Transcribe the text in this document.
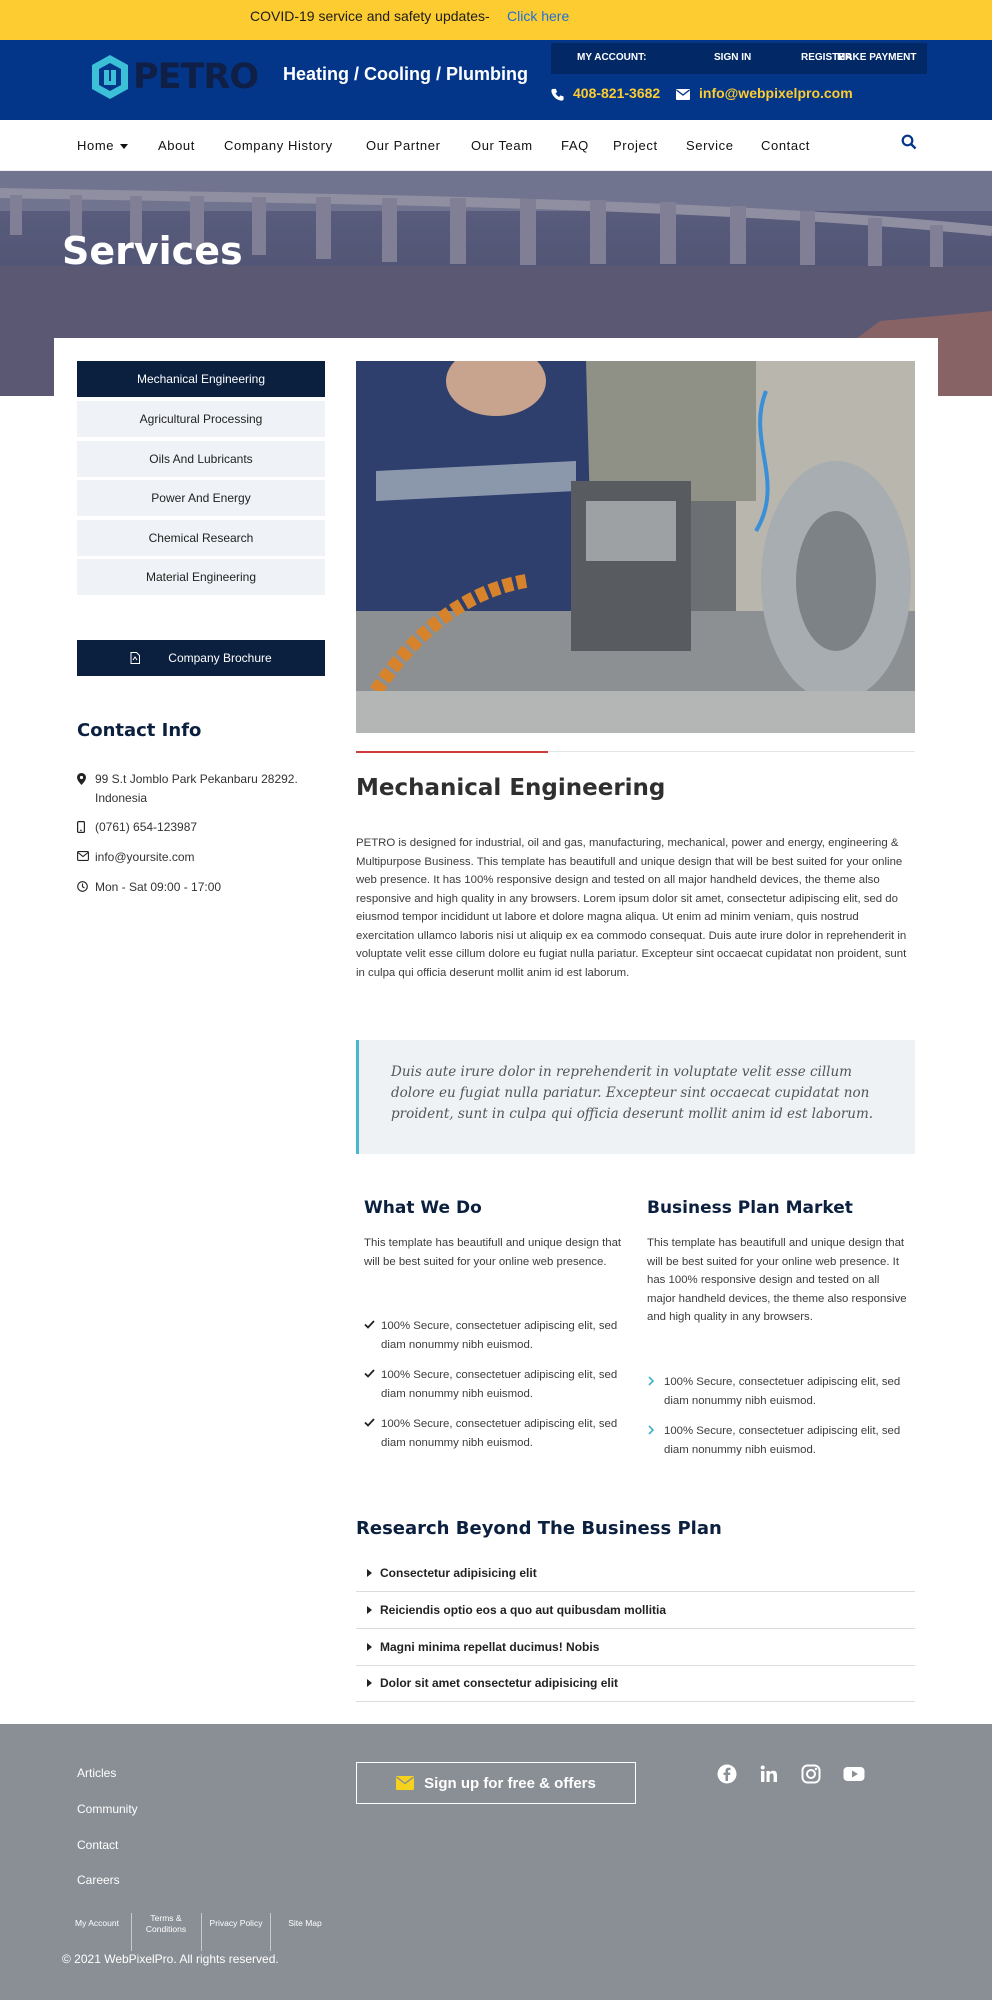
COVID-19 service and safety updates- Click here
PETRO Heating / Cooling / Plumbing
MY ACCOUNT:	SIGN IN	REGISTER
MAKE PAYMENT
408-821-3682	info@webpixelpro.com
Home	About Company History	Our Partner Our Team FAQ Project Service Contact
Services
Mechanical Engineering
Agricultural Processing
Oils And Lubricants
Power And Energy
Chemical Research
Material Engineering
Company Brochure
Contact Info
99 S.t Jomblo Park Pekanbaru 28292. Indonesia
(0761) 654-123987
info@yoursite.com
Mon - Sat 09:00 - 17:00
Mechanical Engineering

PETRO is designed for industrial, oil and gas, manufacturing, mechanical, power and energy, engineering & Multipurpose Business. This template has beautifull and unique design that will be best suited for your online web presence. It has 100% responsive design and tested on all major handheld devices, the theme also responsive and high quality in any browsers. Lorem ipsum dolor sit amet, consectetur adipiscing elit, sed do eiusmod tempor incididunt ut labore et dolore magna aliqua. Ut enim ad minim veniam, quis nostrud exercitation ullamco laboris nisi ut aliquip ex ea commodo consequat. Duis aute irure dolor in reprehenderit in voluptate velit esse cillum dolore eu fugiat nulla pariatur. Excepteur sint occaecat cupidatat non proident, sunt in culpa qui officia deserunt mollit anim id est laborum.

Duis aute irure dolor in reprehenderit in voluptate velit esse cillum dolore eu fugiat nulla pariatur. Excepteur sint occaecat cupidatat non proident, sunt in culpa qui officia deserunt mollit anim id est laborum.

What We Do

This template has beautifull and unique design that will be best suited for your online web presence.

100% Secure, consectetuer adipiscing elit, sed diam nonummy nibh euismod.
100% Secure, consectetuer adipiscing elit, sed diam nonummy nibh euismod.
100% Secure, consectetuer adipiscing elit, sed diam nonummy nibh euismod.
Business Plan Market

This template has beautifull and unique design that will be best suited for your online web presence. It has 100% responsive design and tested on all major handheld devices, the theme also responsive and high quality in any browsers.

100% Secure, consectetuer adipiscing elit, sed diam nonummy nibh euismod.
100% Secure, consectetuer adipiscing elit, sed diam nonummy nibh euismod.
Research Beyond The Business Plan
Consectetur adipisicing elit
Reiciendis optio eos a quo aut quibusdam mollitia
Magni minima repellat ducimus! Nobis
Dolor sit amet consectetur adipisicing elit
Articles
Community
Contact
Careers
Sign up for free & offers
My Account	Terms & Conditions
Privacy Policy	Site Map
© 2021 WebPixelPro. All rights reserved.
